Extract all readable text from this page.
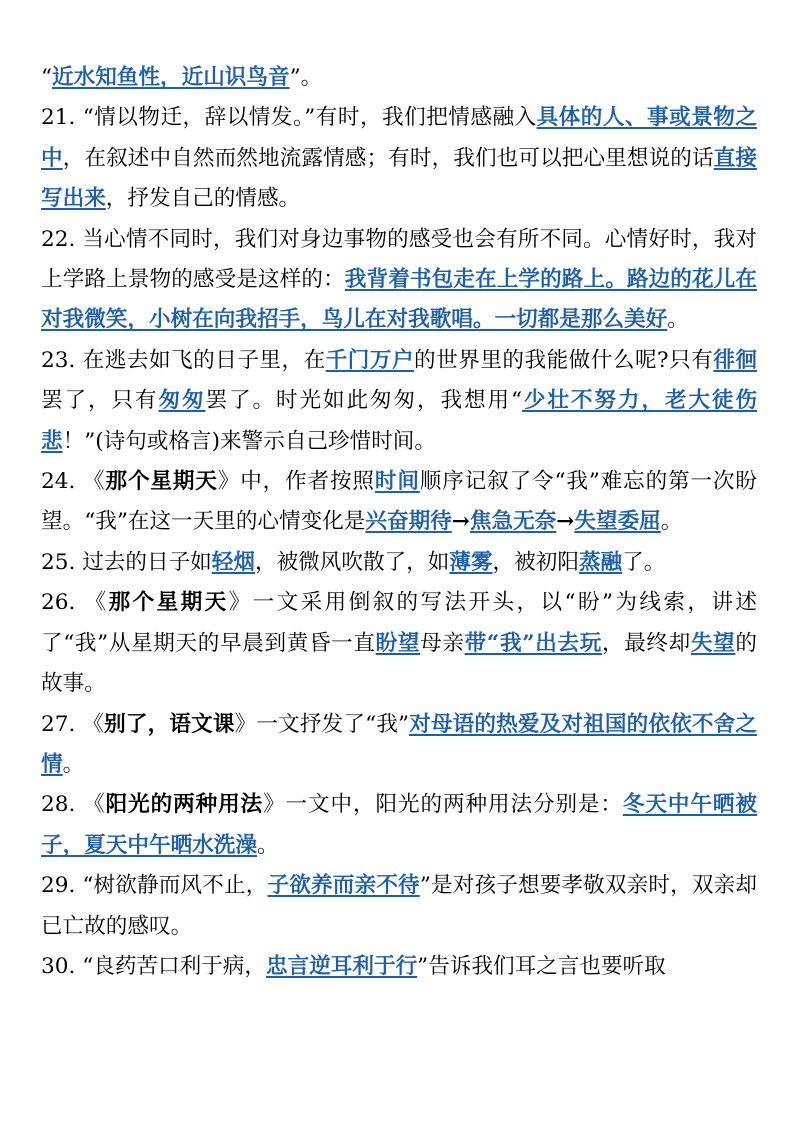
“近水知鱼性，近山识鸟音”。

21. “情以物迁，辞以情发。”有时，我们把情感融入具体的人、事或景物之中，在叙述中自然而然地流露情感；有时，我们也可以把心里想说的话直接写出来，抒发自己的情感。

22. 当心情不同时，我们对身边事物的感受也会有所不同。心情好时，我对上学路上景物的感受是这样的：我背着书包走在上学的路上。路边的花儿在对我微笑，小树在向我招手，鸟儿在对我歌唱。一切都是那么美好。

23. 在逃去如飞的日子里，在千门万户的世界里的我能做什么呢?只有徘徊罢了，只有匆匆罢了。时光如此匆匆，我想用“少壮不努力，老大徒伤悲！”(诗句或格言)来警示自己珍惜时间。

24. 《那个星期天》中，作者按照时间顺序记叙了令“我”难忘的第一次盼望。“我”在这一天里的心情变化是兴奋期待→焦急无奈→失望委屈。

25. 过去的日子如轻烟，被微风吹散了，如薄雾，被初阳蒸融了。

26. 《那个星期天》一文采用倒叙的写法开头，以“盼”为线索，讲述了“我”从星期天的早晨到黄昏一直盼望母亲带“我”出去玩，最终却失望的故事。

27. 《别了，语文课》一文抒发了“我”对母语的热爱及对祖国的依依不舍之情。

28. 《阳光的两种用法》一文中，阳光的两种用法分别是：冬天中午晒被子，夏天中午晒水洗澡。

29. “树欲静而风不止，子欲养而亲不待”是对孩子想要孝敬双亲时，双亲却已亡故的感叹。

30. “良药苦口利于病，忠言逆耳利于行”告诉我们耳之言也要听取
